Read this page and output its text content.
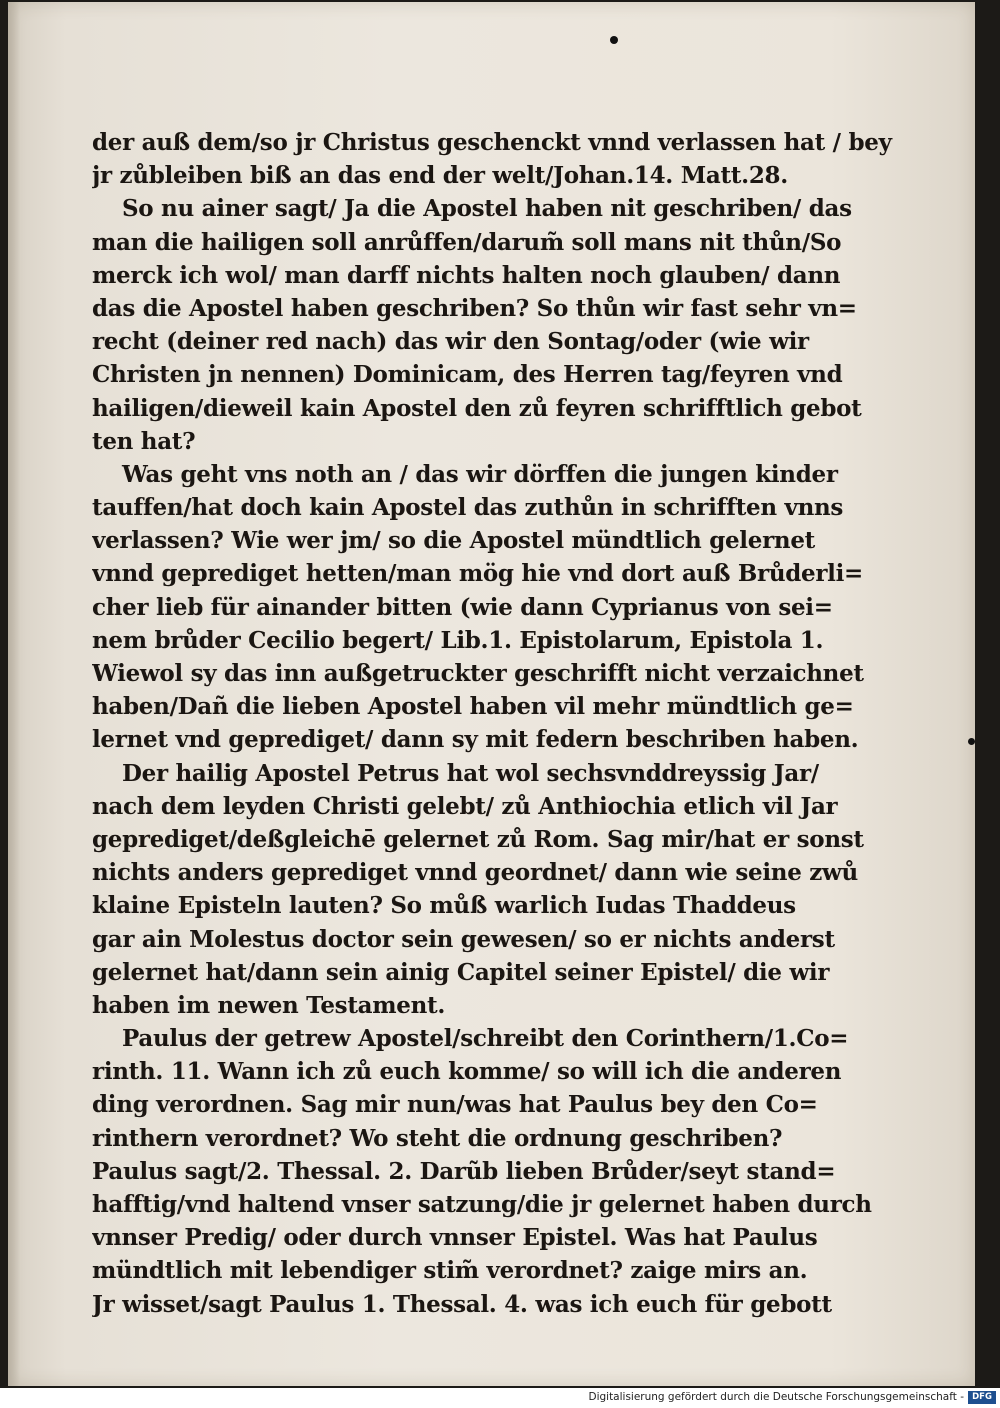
der auß dem/so jr Christus geschenckt vnnd verlassen hat / bey
jr zůbleiben biß an das end der welt/Johan.14. Matt.28.
So nu ainer sagt/ Ja die Apostel haben nit geschriben/ das
man die hailigen soll anrůffen/darum̃ soll mans nit thůn/So
merck ich wol/ man darff nichts halten noch glauben/ dann
das die Apostel haben geschriben? So thůn wir fast sehr vn=
recht (deiner red nach) das wir den Sontag/oder (wie wir
Christen jn nennen) Dominicam, des Herren tag/feyren vnd
hailigen/dieweil kain Apostel den zů feyren schrifftlich gebot
ten hat?
Was geht vns noth an / das wir dörffen die jungen kinder
tauffen/hat doch kain Apostel das zuthůn in schrifften vnns
verlassen? Wie wer jm/ so die Apostel mündtlich gelernet
vnnd geprediget hetten/man mög hie vnd dort auß Brůderli=
cher lieb für ainander bitten (wie dann Cyprianus von sei=
nem brůder Cecilio begert/ Lib.1. Epistolarum, Epistola 1.
Wiewol sy das inn außgetruckter geschrifft nicht verzaichnet
haben/Dañ die lieben Apostel haben vil mehr mündtlich ge=
lernet vnd geprediget/ dann sy mit federn beschriben haben.
Der hailig Apostel Petrus hat wol sechsvnddreyssig Jar/
nach dem leyden Christi gelebt/ zů Anthiochia etlich vil Jar
geprediget/deßgleichē gelernet zů Rom. Sag mir/hat er sonst
nichts anders geprediget vnnd geordnet/ dann wie seine zwů
klaine Episteln lauten? So můß warlich Iudas Thaddeus
gar ain Molestus doctor sein gewesen/ so er nichts anderst
gelernet hat/dann sein ainig Capitel seiner Epistel/ die wir
haben im newen Testament.
Paulus der getrew Apostel/schreibt den Corinthern/1.Co=
rinth. 11. Wann ich zů euch komme/ so will ich die anderen
ding verordnen. Sag mir nun/was hat Paulus bey den Co=
rinthern verordnet? Wo steht die ordnung geschriben?
Paulus sagt/2. Thessal. 2. Darũb lieben Brůder/seyt stand=
hafftig/vnd haltend vnser satzung/die jr gelernet haben durch
vnnser Predig/ oder durch vnnser Epistel. Was hat Paulus
mündtlich mit lebendiger stim̃ verordnet? zaige mirs an.
Jr wisset/sagt Paulus 1. Thessal. 4. was ich euch für gebott
Digitalisierung gefördert durch die Deutsche Forschungsgemeinschaft - DFG
